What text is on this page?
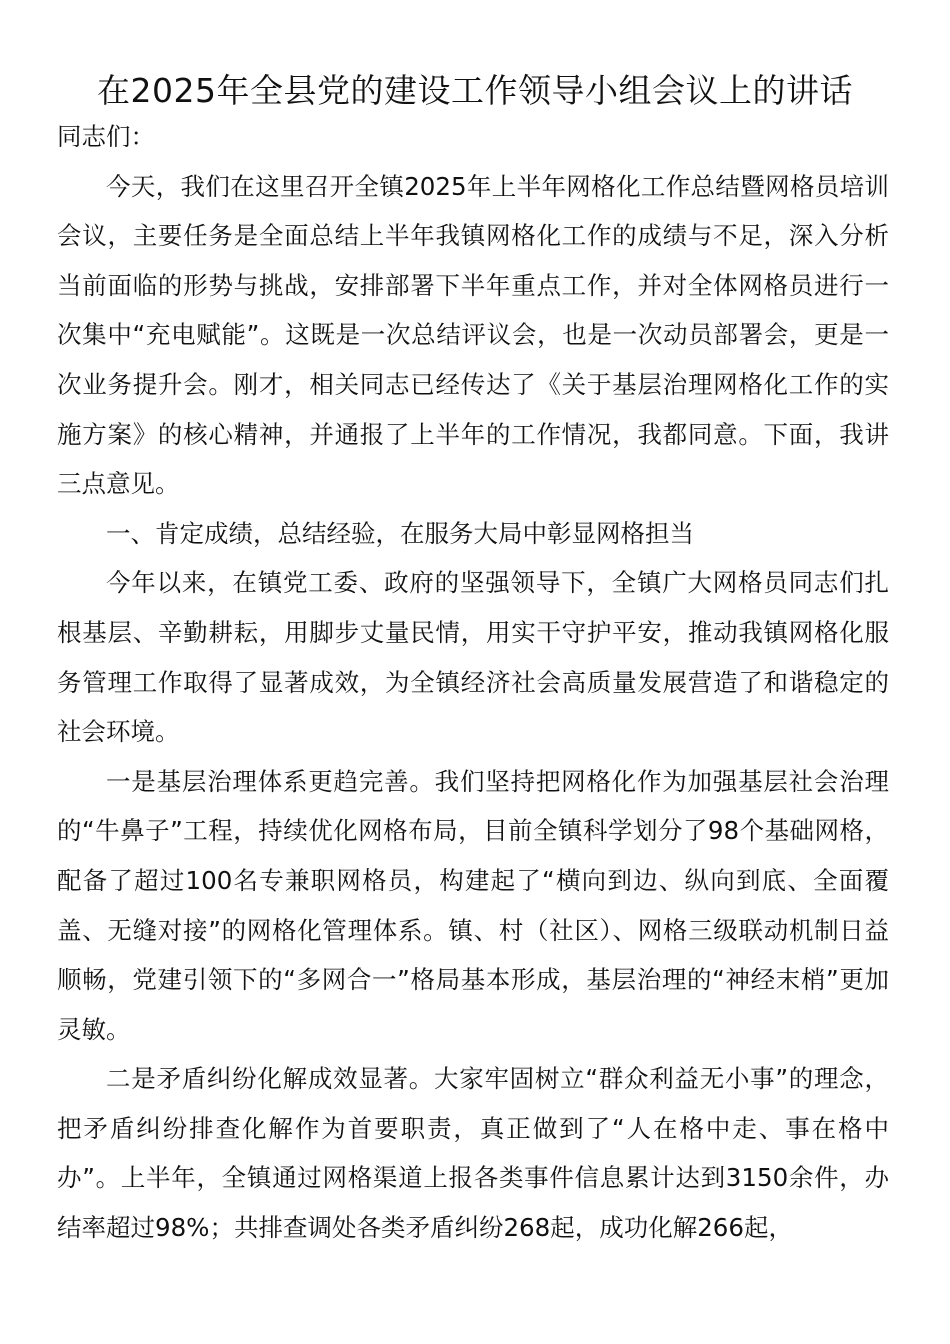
在2025年全县党的建设工作领导小组会议上的讲话

同志们：

今天，我们在这里召开全镇2025年上半年网格化工作总结暨网格员培训会议，主要任务是全面总结上半年我镇网格化工作的成绩与不足，深入分析当前面临的形势与挑战，安排部署下半年重点工作，并对全体网格员进行一次集中“充电赋能”。这既是一次总结评议会，也是一次动员部署会，更是一次业务提升会。刚才，相关同志已经传达了《关于基层治理网格化工作的实施方案》的核心精神，并通报了上半年的工作情况，我都同意。下面，我讲三点意见。

一、肯定成绩，总结经验，在服务大局中彰显网格担当

今年以来，在镇党工委、政府的坚强领导下，全镇广大网格员同志们扎根基层、辛勤耕耘，用脚步丈量民情，用实干守护平安，推动我镇网格化服务管理工作取得了显著成效，为全镇经济社会高质量发展营造了和谐稳定的社会环境。

一是基层治理体系更趋完善。我们坚持把网格化作为加强基层社会治理的“牛鼻子”工程，持续优化网格布局，目前全镇科学划分了98个基础网格，配备了超过100名专兼职网格员，构建起了“横向到边、纵向到底、全面覆盖、无缝对接”的网格化管理体系。镇、村（社区）、网格三级联动机制日益顺畅，党建引领下的“多网合一”格局基本形成，基层治理的“神经末梢”更加灵敏。

二是矛盾纠纷化解成效显著。大家牢固树立“群众利益无小事”的理念，把矛盾纠纷排查化解作为首要职责，真正做到了“人在格中走、事在格中办”。上半年，全镇通过网格渠道上报各类事件信息累计达到3150余件，办结率超过98%；共排查调处各类矛盾纠纷268起，成功化解266起，
